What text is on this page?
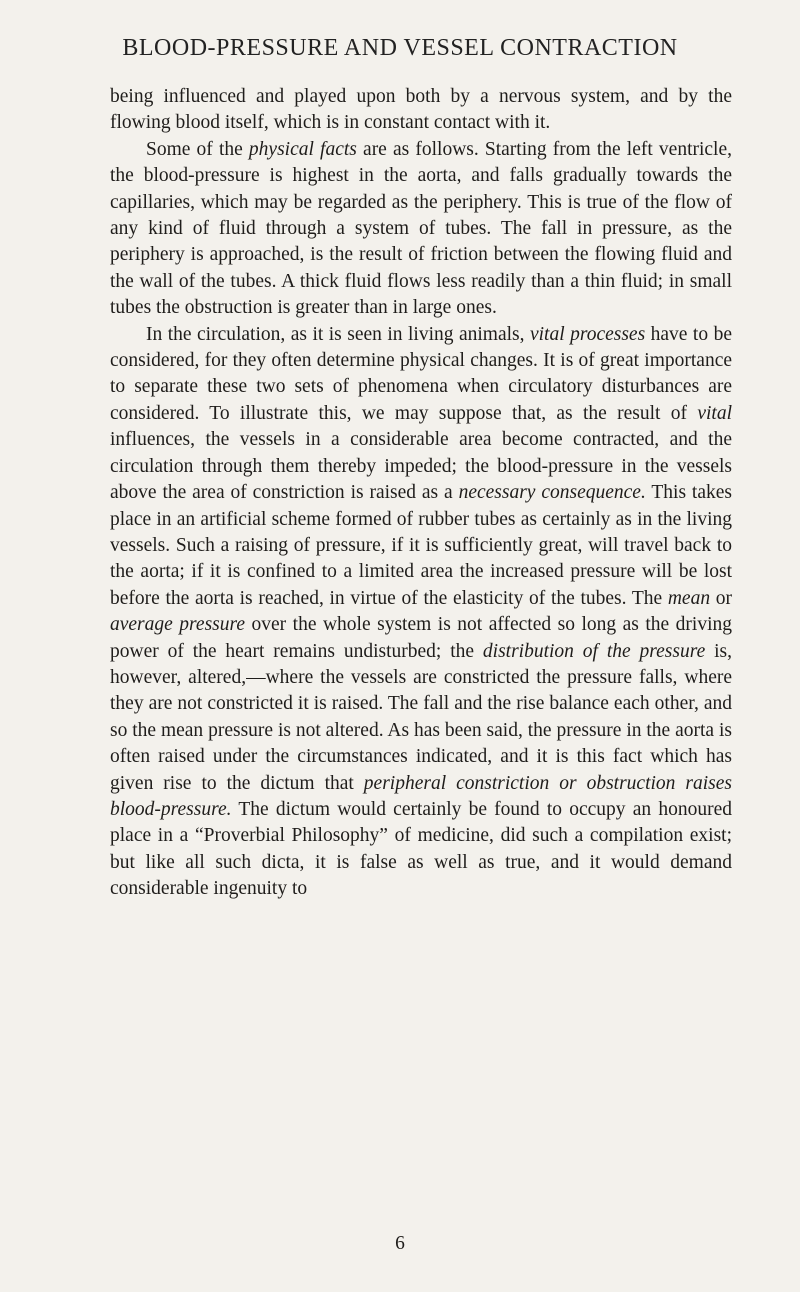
BLOOD-PRESSURE AND VESSEL CONTRACTION

being influenced and played upon both by a nervous system, and by the flowing blood itself, which is in constant contact with it.

Some of the physical facts are as follows. Starting from the left ventricle, the blood-pressure is highest in the aorta, and falls gradually towards the capillaries, which may be regarded as the periphery. This is true of the flow of any kind of fluid through a system of tubes. The fall in pressure, as the periphery is approached, is the result of friction between the flowing fluid and the wall of the tubes. A thick fluid flows less readily than a thin fluid; in small tubes the obstruction is greater than in large ones.

In the circulation, as it is seen in living animals, vital processes have to be considered, for they often determine physical changes. It is of great importance to separate these two sets of phenomena when circulatory disturbances are considered. To illustrate this, we may suppose that, as the result of vital influences, the vessels in a considerable area become contracted, and the circulation through them thereby impeded; the blood-pressure in the vessels above the area of constriction is raised as a necessary consequence. This takes place in an artificial scheme formed of rubber tubes as certainly as in the living vessels. Such a raising of pressure, if it is sufficiently great, will travel back to the aorta; if it is confined to a limited area the increased pressure will be lost before the aorta is reached, in virtue of the elasticity of the tubes. The mean or average pressure over the whole system is not affected so long as the driving power of the heart remains undisturbed; the distribution of the pressure is, however, altered,—where the vessels are constricted the pressure falls, where they are not constricted it is raised. The fall and the rise balance each other, and so the mean pressure is not altered. As has been said, the pressure in the aorta is often raised under the circumstances indicated, and it is this fact which has given rise to the dictum that peripheral constriction or obstruction raises blood-pressure. The dictum would certainly be found to occupy an honoured place in a “Proverbial Philosophy” of medicine, did such a compilation exist; but like all such dicta, it is false as well as true, and it would demand considerable ingenuity to

6
